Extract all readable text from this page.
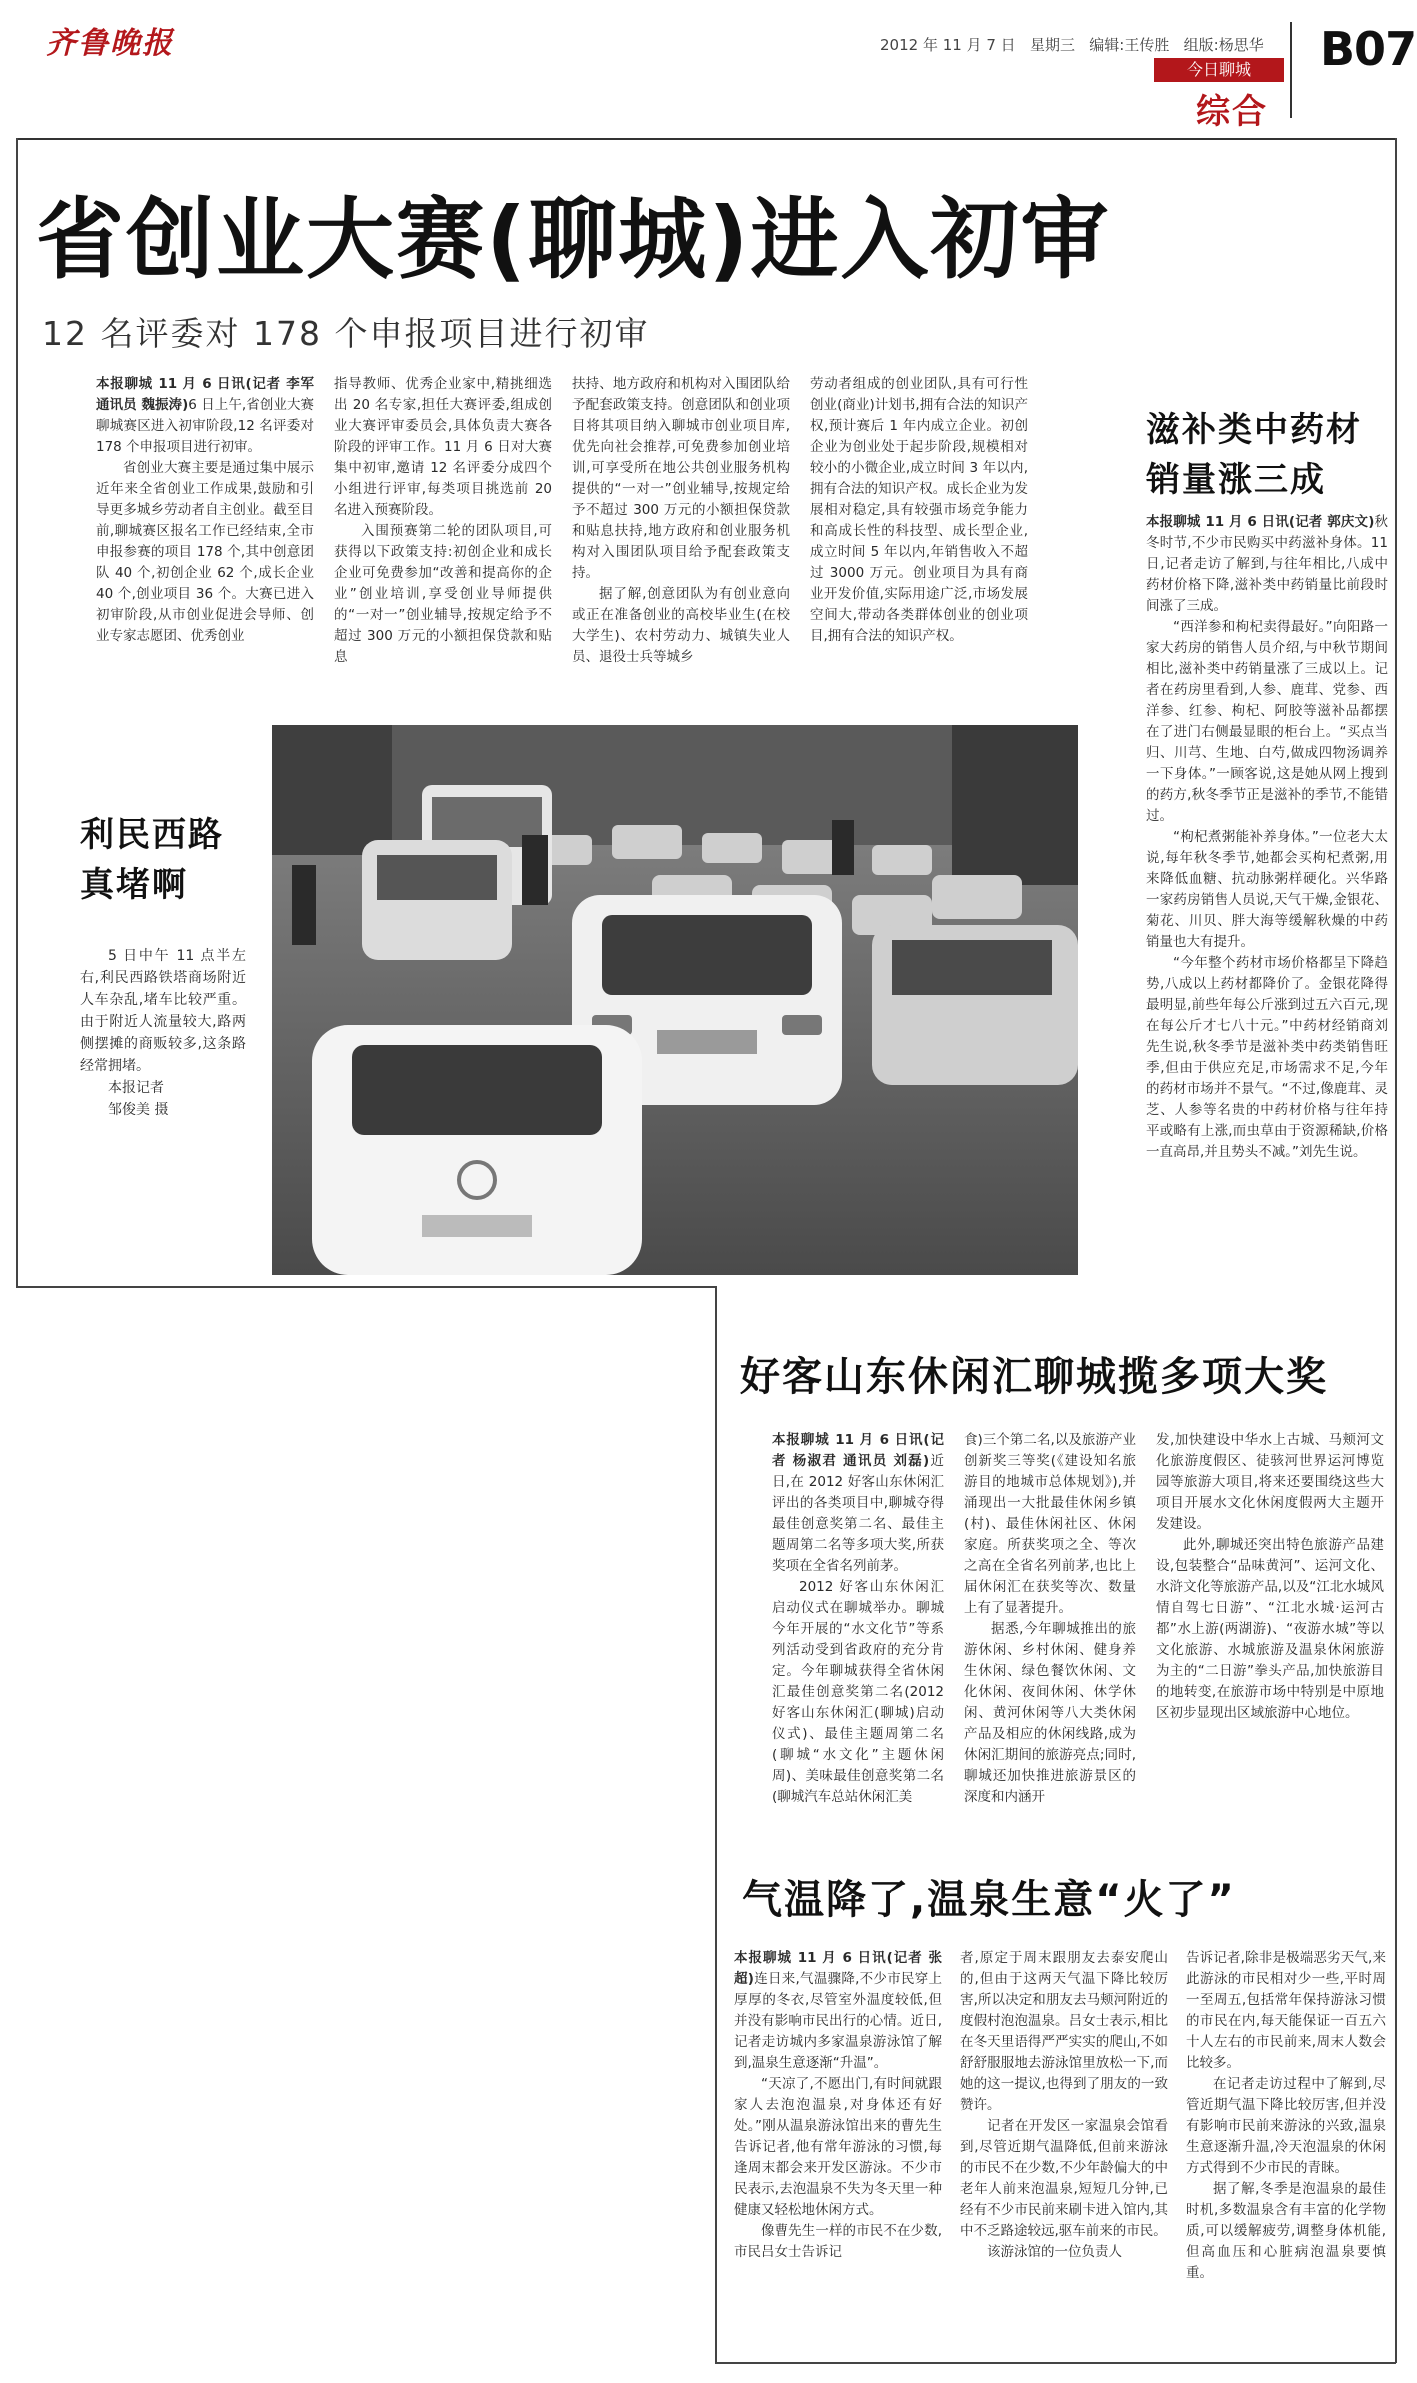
齐鲁晚报	2012 年 11 月 7 日 星期三 编辑:王传胜 组版:杨思华 B07
今日聊城
综合
省创业大赛(聊城)进入初审
12 名评委对 178 个申报项目进行初审

本报聊城 11 月 6 日讯(记者 李军 通讯员 魏振涛)6 日上午,省创业大赛聊城赛区进入初审阶段,12 名评委对 178 个申报项目进行初审。

省创业大赛主要是通过集中展示近年来全省创业工作成果,鼓励和引导更多城乡劳动者自主创业。截至目前,聊城赛区报名工作已经结束,全市申报参赛的项目 178 个,其中创意团队 40 个,初创企业 62 个,成长企业 40 个,创业项目 36 个。大赛已进入初审阶段,从市创业促进会导师、创业专家志愿团、优秀创业

指导教师、优秀企业家中,精挑细选出 20 名专家,担任大赛评委,组成创业大赛评审委员会,具体负责大赛各阶段的评审工作。11 月 6 日对大赛集中初审,邀请 12 名评委分成四个小组进行评审,每类项目挑选前 20 名进入预赛阶段。

入围预赛第二轮的团队项目,可获得以下政策支持:初创企业和成长企业可免费参加“改善和提高你的企业”创业培训,享受创业导师提供的“一对一”创业辅导,按规定给予不超过 300 万元的小额担保贷款和贴息

扶持、地方政府和机构对入围团队给予配套政策支持。创意团队和创业项目将其项目纳入聊城市创业项目库,优先向社会推荐,可免费参加创业培训,可享受所在地公共创业服务机构提供的“一对一”创业辅导,按规定给予不超过 300 万元的小额担保贷款和贴息扶持,地方政府和创业服务机构对入围团队项目给予配套政策支持。

据了解,创意团队为有创业意向或正在准备创业的高校毕业生(在校大学生)、农村劳动力、城镇失业人员、退役士兵等城乡

劳动者组成的创业团队,具有可行性创业(商业)计划书,拥有合法的知识产权,预计赛后 1 年内成立企业。初创企业为创业处于起步阶段,规模相对较小的小微企业,成立时间 3 年以内,拥有合法的知识产权。成长企业为发展相对稳定,具有较强市场竞争能力和高成长性的科技型、成长型企业,成立时间 5 年以内,年销售收入不超过 3000 万元。创业项目为具有商业开发价值,实际用途广泛,市场发展空间大,带动各类群体创业的创业项目,拥有合法的知识产权。

利民西路
真堵啊

5 日中午 11 点半左右,利民西路铁塔商场附近人车杂乱,堵车比较严重。由于附近人流量较大,路两侧摆摊的商贩较多,这条路经常拥堵。

本报记者

邹俊美 摄

滋补类中药材
销量涨三成

本报聊城 11 月 6 日讯(记者 郭庆文)秋冬时节,不少市民购买中药滋补身体。11 日,记者走访了解到,与往年相比,八成中药材价格下降,滋补类中药销量比前段时间涨了三成。

“西洋参和枸杞卖得最好。”向阳路一家大药房的销售人员介绍,与中秋节期间相比,滋补类中药销量涨了三成以上。记者在药房里看到,人参、鹿茸、党参、西洋参、红参、枸杞、阿胶等滋补品都摆在了进门右侧最显眼的柜台上。“买点当归、川芎、生地、白芍,做成四物汤调养一下身体。”一顾客说,这是她从网上搜到的药方,秋冬季节正是滋补的季节,不能错过。

“枸杞煮粥能补养身体。”一位老大太说,每年秋冬季节,她都会买枸杞煮粥,用来降低血糖、抗动脉粥样硬化。兴华路一家药房销售人员说,天气干燥,金银花、菊花、川贝、胖大海等缓解秋燥的中药销量也大有提升。

“今年整个药材市场价格都呈下降趋势,八成以上药材都降价了。金银花降得最明显,前些年每公斤涨到过五六百元,现在每公斤才七八十元。”中药材经销商刘先生说,秋冬季节是滋补类中药类销售旺季,但由于供应充足,市场需求不足,今年的药材市场并不景气。“不过,像鹿茸、灵芝、人参等名贵的中药材价格与往年持平或略有上涨,而虫草由于资源稀缺,价格一直高昂,并且势头不减。”刘先生说。

好客山东休闲汇聊城揽多项大奖

本报聊城 11 月 6 日讯(记者 杨淑君 通讯员 刘磊)近日,在 2012 好客山东休闲汇评出的各类项目中,聊城夺得最佳创意奖第二名、最佳主题周第二名等多项大奖,所获奖项在全省名列前茅。

2012 好客山东休闲汇启动仪式在聊城举办。聊城今年开展的“水文化节”等系列活动受到省政府的充分肯定。今年聊城获得全省休闲汇最佳创意奖第二名(2012 好客山东休闲汇(聊城)启动仪式)、最佳主题周第二名(聊城“水文化”主题休闲周)、美味最佳创意奖第二名(聊城汽车总站休闲汇美

食)三个第二名,以及旅游产业创新奖三等奖(《建设知名旅游目的地城市总体规划》),并涌现出一大批最佳休闲乡镇(村)、最佳休闲社区、休闲家庭。所获奖项之全、等次之高在全省名列前茅,也比上届休闲汇在获奖等次、数量上有了显著提升。

据悉,今年聊城推出的旅游休闲、乡村休闲、健身养生休闲、绿色餐饮休闲、文化休闲、夜间休闲、休学休闲、黄河休闲等八大类休闲产品及相应的休闲线路,成为休闲汇期间的旅游亮点;同时,聊城还加快推进旅游景区的深度和内涵开

发,加快建设中华水上古城、马颊河文化旅游度假区、徒骇河世界运河博览园等旅游大项目,将来还要围绕这些大项目开展水文化休闲度假两大主题开发建设。

此外,聊城还突出特色旅游产品建设,包装整合“品味黄河”、运河文化、水浒文化等旅游产品,以及“江北水城风情自驾七日游”、“江北水城·运河古都”水上游(两湖游)、“夜游水城”等以文化旅游、水城旅游及温泉休闲旅游为主的“二日游”拳头产品,加快旅游目的地转变,在旅游市场中特别是中原地区初步显现出区域旅游中心地位。

气温降了,温泉生意“火了”

本报聊城 11 月 6 日讯(记者 张超)连日来,气温骤降,不少市民穿上厚厚的冬衣,尽管室外温度较低,但并没有影响市民出行的心情。近日,记者走访城内多家温泉游泳馆了解到,温泉生意逐渐“升温”。

“天凉了,不愿出门,有时间就跟家人去泡泡温泉,对身体还有好处。”刚从温泉游泳馆出来的曹先生告诉记者,他有常年游泳的习惯,每逢周末都会来开发区游泳。不少市民表示,去泡温泉不失为冬天里一种健康又轻松地休闲方式。

像曹先生一样的市民不在少数,市民吕女士告诉记

者,原定于周末跟朋友去泰安爬山的,但由于这两天气温下降比较厉害,所以决定和朋友去马颊河附近的度假村泡泡温泉。吕女士表示,相比在冬天里语得严严实实的爬山,不如舒舒服服地去游泳馆里放松一下,而她的这一提议,也得到了朋友的一致赞许。

记者在开发区一家温泉会馆看到,尽管近期气温降低,但前来游泳的市民不在少数,不少年龄偏大的中老年人前来泡温泉,短短几分钟,已经有不少市民前来刷卡进入馆内,其中不乏路途较远,驱车前来的市民。

该游泳馆的一位负责人

告诉记者,除非是极端恶劣天气,来此游泳的市民相对少一些,平时周一至周五,包括常年保持游泳习惯的市民在内,每天能保证一百五六十人左右的市民前来,周末人数会比较多。

在记者走访过程中了解到,尽管近期气温下降比较厉害,但并没有影响市民前来游泳的兴致,温泉生意逐渐升温,冷天泡温泉的休闲方式得到不少市民的青睐。

据了解,冬季是泡温泉的最佳时机,多数温泉含有丰富的化学物质,可以缓解疲劳,调整身体机能,但高血压和心脏病泡温泉要慎重。
